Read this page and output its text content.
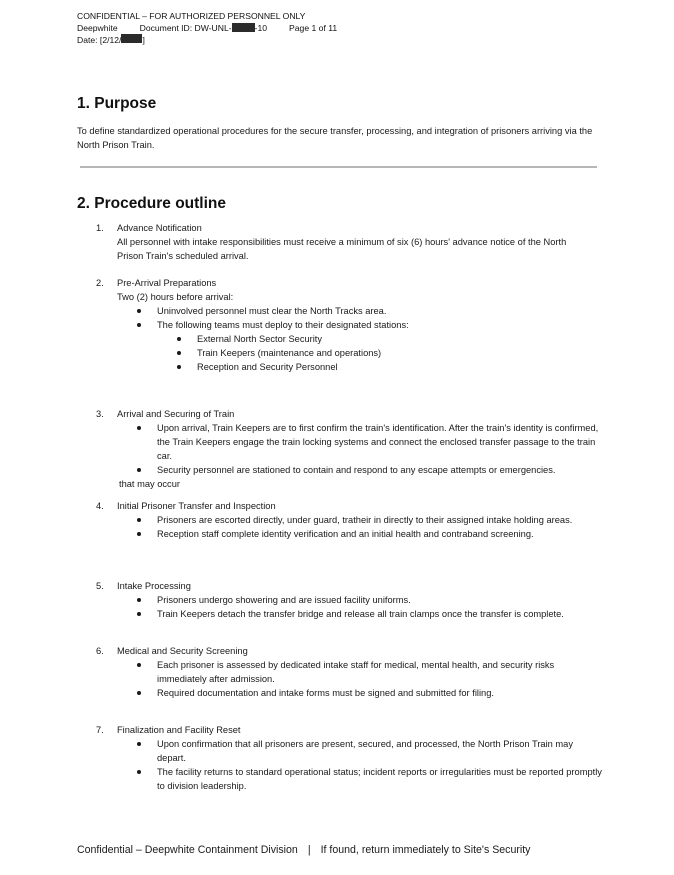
CONFIDENTIAL – FOR AUTHORIZED PERSONNEL ONLY
Deepwhite	Document ID: DW-UNL-	-10	Page 1 of 11
Date: [2/12/ ]
1. Purpose

To define standardized operational procedures for the secure transfer, processing, and integration of prisoners arriving via the North Prison Train.

2. Procedure outline
1.	Advance Notification

All personnel with intake responsibilities must receive a minimum of six (6) hours' advance notice of the North Prison Train's scheduled arrival.

2.	Pre-Arrival Preparations

Two (2) hours before arrival:

Uninvolved personnel must clear the North Tracks area.
The following teams must deploy to their designated stations:
External North Sector Security
Train Keepers (maintenance and operations)
Reception and Security Personnel
3.	Arrival and Securing of Train
Upon arrival, Train Keepers are to first confirm the train's identification. After the train's identity is confirmed, the Train Keepers engage the train locking systems and connect the enclosed transfer passage to the train car.
Security personnel are stationed to contain and respond to any escape attempts or emergencies.
that may occur
4.	Initial Prisoner Transfer and Inspection
Prisoners are escorted directly, under guard, tratheir in directly to their assigned intake holding areas.
Reception staff complete identity verification and an initial health and contraband screening.
5.	Intake Processing
Prisoners undergo showering and are issued facility uniforms.
Train Keepers detach the transfer bridge and release all train clamps once the transfer is complete.
6.	Medical and Security Screening
Each prisoner is assessed by dedicated intake staff for medical, mental health, and security risks immediately after admission.
Required documentation and intake forms must be signed and submitted for filing.
7.	Finalization and Facility Reset
Upon confirmation that all prisoners are present, secured, and processed, the North Prison Train may depart.
The facility returns to standard operational status; incident reports or irregularities must be reported promptly to division leadership.
Confidential – Deepwhite Containment Division | If found, return immediately to Site's Security
